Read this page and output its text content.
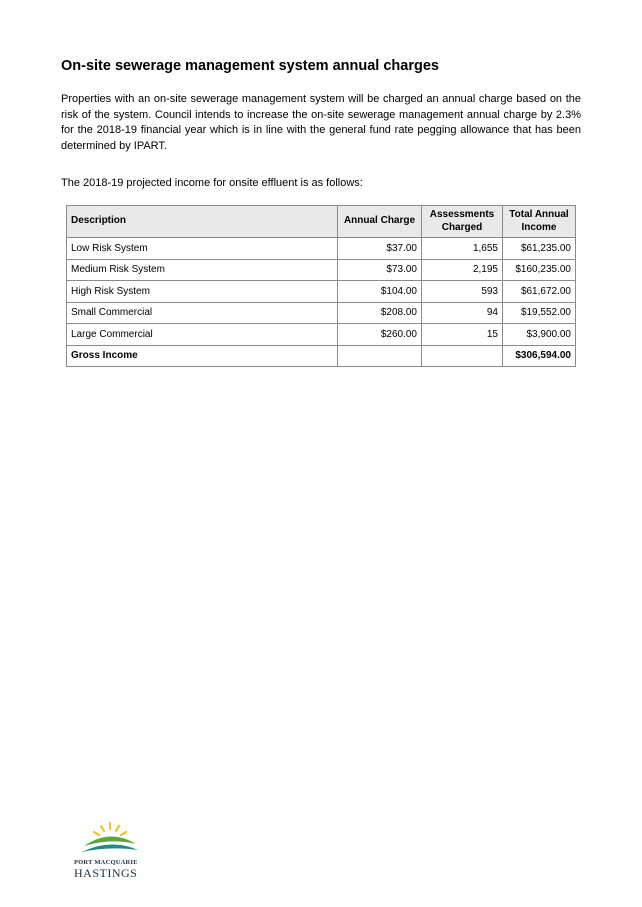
On-site sewerage management system annual charges

Properties with an on-site sewerage management system will be charged an annual charge based on the risk of the system. Council intends to increase the on-site sewerage management annual charge by 2.3% for the 2018-19 financial year which is in line with the general fund rate pegging allowance that has been determined by IPART.

The 2018-19 projected income for onsite effluent is as follows:

Description	Annual Charge	Assessments Charged	Total Annual Income
Low Risk System	$37.00	1,655	$61,235.00
Medium Risk System	$73.00	2,195	$160,235.00
High Risk System	$104.00	593	$61,672.00
Small Commercial	$208.00	94	$19,552.00
Large Commercial	$260.00	15	$3,900.00
Gross Income			$306,594.00
PORT MACQUARIE
HASTINGS
